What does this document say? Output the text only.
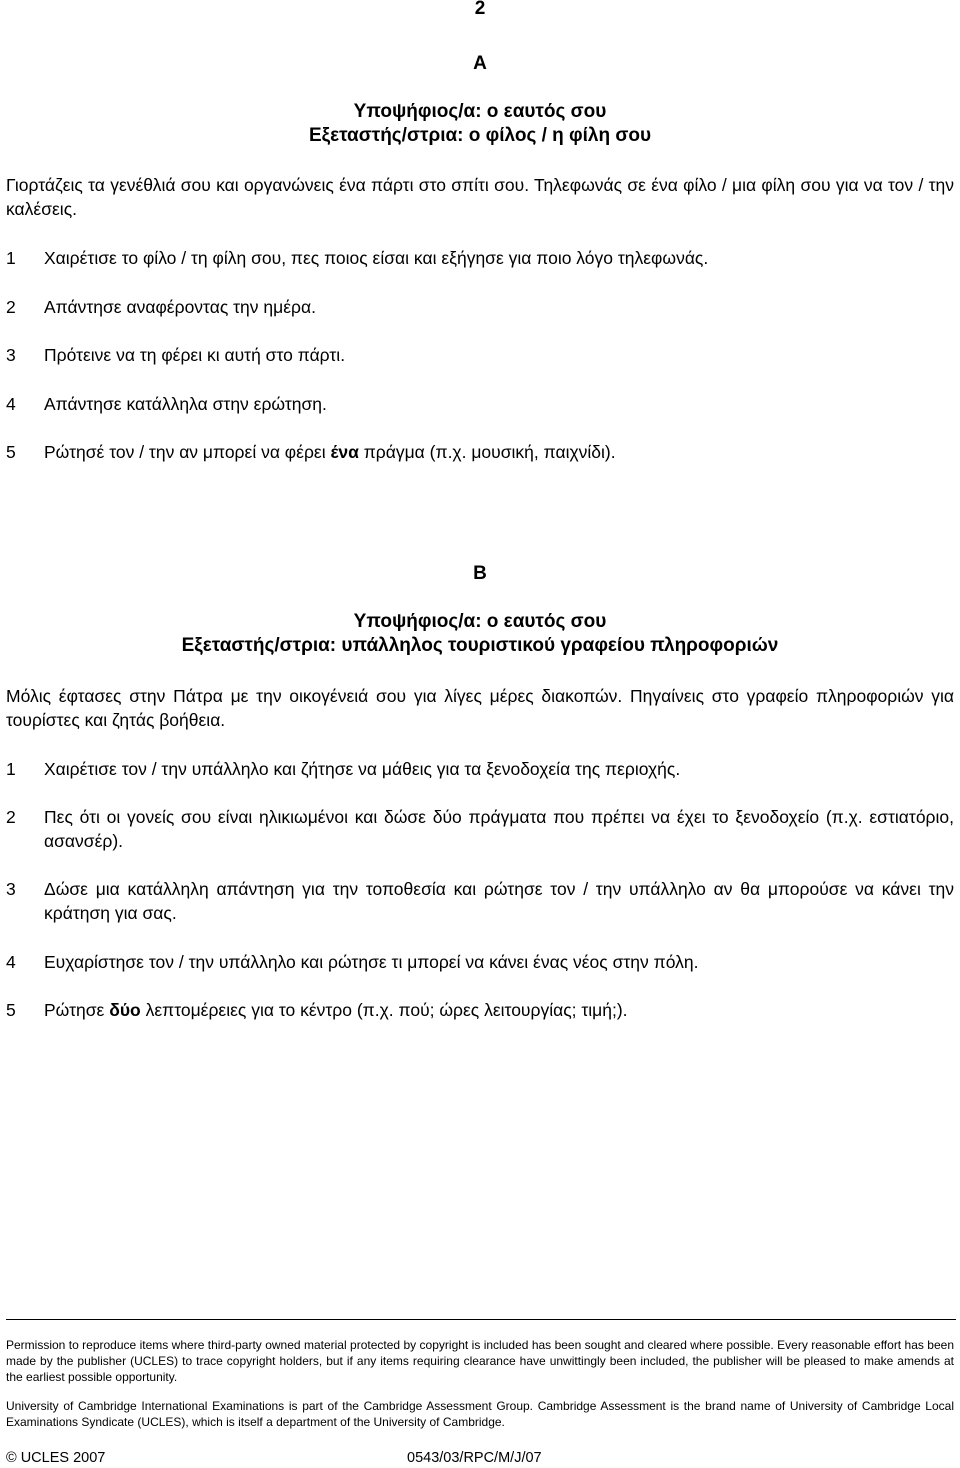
2
A
Υποψήφιος/α: ο εαυτός σου
Εξεταστής/στρια: ο φίλος / η φίλη σου
Γιορτάζεις τα γενέθλιά σου και οργανώνεις ένα πάρτι στο σπίτι σου. Τηλεφωνάς σε ένα φίλο / μια φίλη σου για να τον / την καλέσεις.
1 Χαιρέτισε το φίλο / τη φίλη σου, πες ποιος είσαι και εξήγησε για ποιο λόγο τηλεφωνάς.
2 Απάντησε αναφέροντας την ημέρα.
3 Πρότεινε να τη φέρει κι αυτή στο πάρτι.
4 Απάντησε κατάλληλα στην ερώτηση.
5 Ρώτησέ τον / την αν μπορεί να φέρει ένα πράγμα (π.χ. μουσική, παιχνίδι).
Β
Υποψήφιος/α: ο εαυτός σου
Εξεταστής/στρια: υπάλληλος τουριστικού γραφείου πληροφοριών
Μόλις έφτασες στην Πάτρα με την οικογένειά σου για λίγες μέρες διακοπών. Πηγαίνεις στο γραφείο πληροφοριών για τουρίστες και ζητάς βοήθεια.
1 Χαιρέτισε τον / την υπάλληλο και ζήτησε να μάθεις για τα ξενοδοχεία της περιοχής.
2 Πες ότι οι γονείς σου είναι ηλικιωμένοι και δώσε δύο πράγματα που πρέπει να έχει το ξενοδοχείο (π.χ. εστιατόριο, ασανσέρ).
3 Δώσε μια κατάλληλη απάντηση για την τοποθεσία και ρώτησε τον / την υπάλληλο αν θα μπορούσε να κάνει την κράτηση για σας.
4 Ευχαρίστησε τον / την υπάλληλο και ρώτησε τι μπορεί να κάνει ένας νέος στην πόλη.
5 Ρώτησε δύο λεπτομέρειες για το κέντρο (π.χ. πού; ώρες λειτουργίας; τιμή;).
Permission to reproduce items where third-party owned material protected by copyright is included has been sought and cleared where possible. Every reasonable effort has been made by the publisher (UCLES) to trace copyright holders, but if any items requiring clearance have unwittingly been included, the publisher will be pleased to make amends at the earliest possible opportunity.
University of Cambridge International Examinations is part of the Cambridge Assessment Group. Cambridge Assessment is the brand name of University of Cambridge Local Examinations Syndicate (UCLES), which is itself a department of the University of Cambridge.
© UCLES 2007	0543/03/RPC/M/J/07
